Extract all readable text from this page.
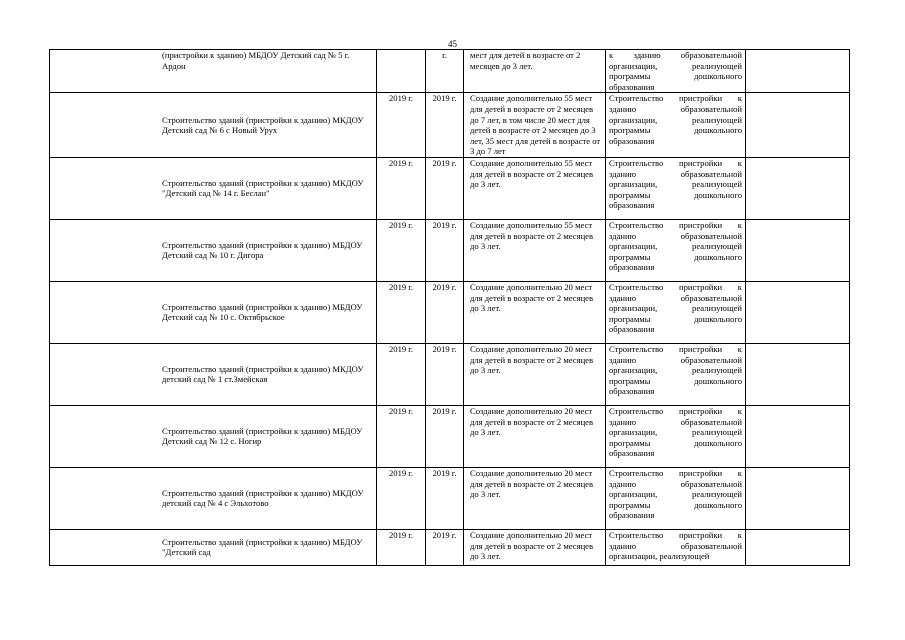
45
(пристройки к зданию) МБДОУ Детский сад № 5 г. Ардон		г.	мест для детей в возрасте от 2 месяцев до 3 лет.	к зданию образовательной организации, реализующей программы дошкольного образования	
Строительство зданий (пристройки к зданию) МКДОУ Детский сад № 6 с Новый Урух	2019 г.	2019 г.	Создание дополнительно 55 мест для детей в возрасте от 2 месяцев до 7 лет, в том числе 20 мест для детей в возрасте от 2 месяцев до 3 лет, 35 мест для детей в возрасте от 3 до 7 лет	Строительство пристройки к зданию образовательной организации, реализующей программы дошкольного образования	
Строительство зданий (пристройки к зданию) МКДОУ "Детский сад № 14 г. Беслан"	2019 г.	2019 г.	Создание дополнительно 55 мест для детей в возрасте от 2 месяцев до 3 лет.	Строительство пристройки к зданию образовательной организации, реализующей программы дошкольного образования	
Строительство зданий (пристройки к зданию) МБДОУ Детский сад № 10 г. Дигора	2019 г.	2019 г.	Создание дополнительно 55 мест для детей в возрасте от 2 месяцев до 3 лет.	Строительство пристройки к зданию образовательной организации, реализующей программы дошкольного образования	
Строительство зданий (пристройки к зданию) МБДОУ Детский сад № 10 с. Октябрьское	2019 г.	2019 г.	Создание дополнительно 20 мест для детей в возрасте от 2 месяцев до 3 лет.	Строительство пристройки к зданию образовательной организации, реализующей программы дошкольного образования	
Строительство зданий (пристройки к зданию) МКДОУ детский сад № 1 ст.Змейская	2019 г.	2019 г.	Создание дополнительно 20 мест для детей в возрасте от 2 месяцев до 3 лет.	Строительство пристройки к зданию образовательной организации, реализующей программы дошкольного образования	
Строительство зданий (пристройки к зданию) МБДОУ Детский сад № 12 с. Ногир	2019 г.	2019 г.	Создание дополнительно 20 мест для детей в возрасте от 2 месяцев до 3 лет.	Строительство пристройки к зданию образовательной организации, реализующей программы дошкольного образования	
Строительство зданий (пристройки к зданию) МКДОУ детский сад № 4 с Эльхотово	2019 г.	2019 г.	Создание дополнительно 20 мест для детей в возрасте от 2 месяцев до 3 лет.	Строительство пристройки к зданию образовательной организации, реализующей программы дошкольного образования	
Строительство зданий (пристройки к зданию) МБДОУ "Детский сад	2019 г.	2019 г.	Создание дополнительно 20 мест для детей в возрасте от 2 месяцев до 3 лет.	Строительство пристройки к зданию образовательной организации, реализующей	
